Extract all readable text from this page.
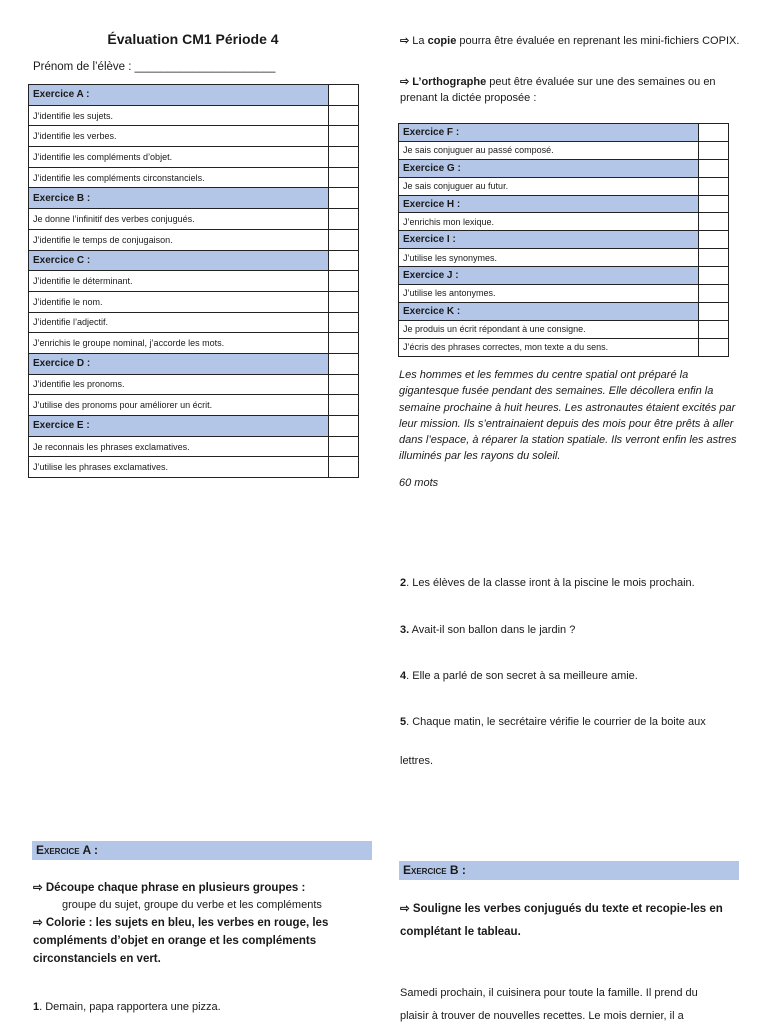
Évaluation CM1 Période 4
Prénom de l’élève : ______________________
Exercice A :	
J’identifie les sujets.	
J’identifie les verbes.	
J’identifie les compléments d’objet.	
J’identifie les compléments circonstanciels.	
Exercice B :	
Je donne l’infinitif des verbes conjugués.	
J’identifie le temps de conjugaison.	
Exercice C :	
J’identifie le déterminant.	
J’identifie le nom.	
J’identifie l’adjectif.	
J’enrichis le groupe nominal, j’accorde les mots.	
Exercice D :	
J’identifie les pronoms.	
J’utilise des pronoms pour améliorer un écrit.	
Exercice E :	
Je reconnais les phrases exclamatives.	
J’utilise les phrases exclamatives.	
⇨ La copie pourra être évaluée en reprenant les mini-fichiers COPIX.
⇨ L’orthographe peut être évaluée sur une des semaines ou en prenant la dictée proposée :
Exercice F :	
Je sais conjuguer au passé composé.	
Exercice G :	
Je sais conjuguer au futur.	
Exercice H :	
J’enrichis mon lexique.	
Exercice I :	
J’utilise les synonymes.	
Exercice J :	
J’utilise les antonymes.	
Exercice K :	
Je produis un écrit répondant à une consigne.	
J’écris des phrases correctes, mon texte a du sens.	
Les hommes et les femmes du centre spatial ont préparé la gigantesque fusée pendant des semaines. Elle décollera enfin la semaine prochaine à huit heures. Les astronautes étaient excités par leur mission. Ils s’entrainaient depuis des mois pour être prêts à aller dans l’espace, à réparer la station spatiale. Ils verront enfin les astres illuminés par les rayons du soleil.
60 mots
2. Les élèves de la classe iront à la piscine le mois prochain.
3. Avait-il son ballon dans le jardin ?
4. Elle a parlé de son secret à sa meilleure amie.
5. Chaque matin, le secrétaire vérifie le courrier de la boite aux
lettres.
Exercice A :
⇨ Découpe chaque phrase en plusieurs groupes :
groupe du sujet, groupe du verbe et les compléments
⇨ Colorie : les sujets en bleu, les verbes en rouge, les compléments d’objet en orange et les compléments circonstanciels en vert.
1. Demain, papa rapportera une pizza.
Exercice B :
⇨ Souligne les verbes conjugués du texte et recopie-les en complétant le tableau.
Samedi prochain, il cuisinera pour toute la famille. Il prend du
plaisir à trouver de nouvelles recettes. Le mois dernier, il a
